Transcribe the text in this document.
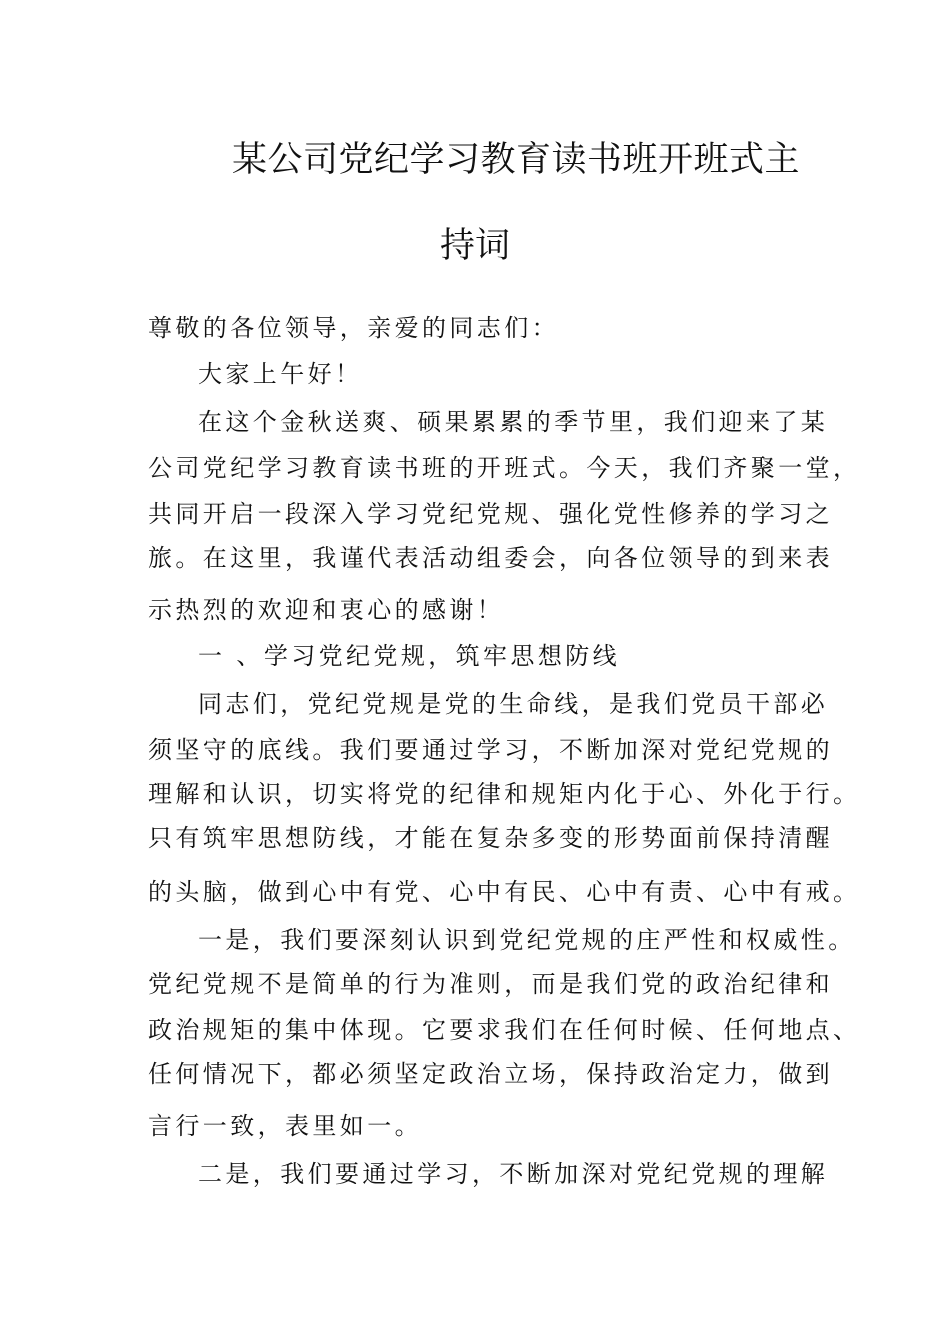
某公司党纪学习教育读书班开班式主
持词
尊敬的各位领导，亲爱的同志们：
大家上午好！
在这个金秋送爽、硕果累累的季节里，我们迎来了某
公司党纪学习教育读书班的开班式。今天，我们齐聚一堂，
共同开启一段深入学习党纪党规、强化党性修养的学习之
旅。在这里，我谨代表活动组委会，向各位领导的到来表
示热烈的欢迎和衷心的感谢！
一 、学习党纪党规，筑牢思想防线
同志们，党纪党规是党的生命线，是我们党员干部必
须坚守的底线。我们要通过学习，不断加深对党纪党规的
理解和认识，切实将党的纪律和规矩内化于心、外化于行。
只有筑牢思想防线，才能在复杂多变的形势面前保持清醒
的头脑，做到心中有党、心中有民、心中有责、心中有戒。
一是，我们要深刻认识到党纪党规的庄严性和权威性。
党纪党规不是简单的行为准则，而是我们党的政治纪律和
政治规矩的集中体现。它要求我们在任何时候、任何地点、
任何情况下，都必须坚定政治立场，保持政治定力，做到
言行一致，表里如一。
二是，我们要通过学习，不断加深对党纪党规的理解
